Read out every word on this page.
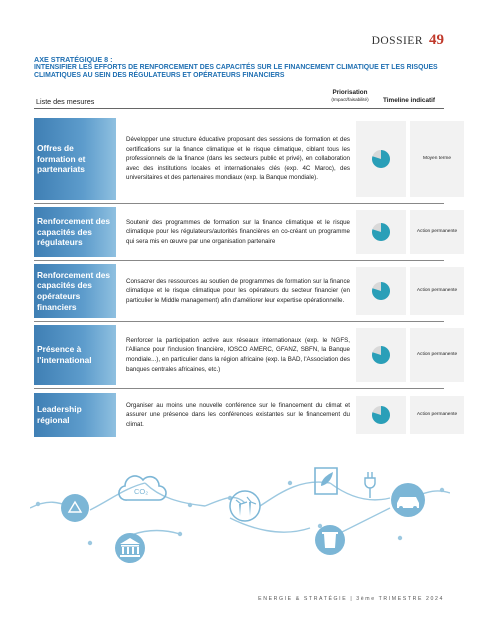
DOSSIER 49
AXE STRATÉGIQUE 8 :
INTENSIFIER LES EFFORTS DE RENFORCEMENT DES CAPACITÉS SUR LE FINANCEMENT CLIMATIQUE ET LES RISQUES CLIMATIQUES AU SEIN DES RÉGULATEURS ET OPÉRATEURS FINANCIERS
Liste des mesures
Priorisation
(Impact/faisabilité)	Timeline indicatif
Offres de formation et partenariats
Développer une structure éducative proposant des sessions de formation et des certifications sur la finance climatique et le risque climatique, ciblant tous les professionnels de la finance (dans les secteurs public et privé), en collaboration avec des institutions locales et internationales clés (exp. 4C Maroc), des universitaires et des partenaires mondiaux (exp. la Banque mondiale).
Moyen terme
Renforcement des capacités des régulateurs
Soutenir des programmes de formation sur la finance climatique et le risque climatique pour les régulateurs/autorités financières en co-créant un programme qui sera mis en œuvre par une organisation partenaire
Action permanente
Renforcement des capacités des opérateurs financiers
Consacrer des ressources au soutien de programmes de formation sur la finance climatique et le risque climatique pour les opérateurs du secteur financier (en particulier le Middle management) afin d'améliorer leur expertise opérationnelle.
Action permanente
Présence à l'international
Renforcer la participation active aux réseaux internationaux (exp. le NGFS, l'Alliance pour l'inclusion financière, IOSCO AMERC, GFANZ, SBFN, la Banque mondiale...), en particulier dans la région africaine (exp. la BAD, l'Association des banques centrales africaines, etc.)
Action permanente
Leadership régional
Organiser au moins une nouvelle conférence sur le financement du climat et assurer une présence dans les conférences existantes sur le financement du climat.
Action permanente
CO₂
ENERGIE & STRATÉGIE | 3ème TRIMESTRE 2024
